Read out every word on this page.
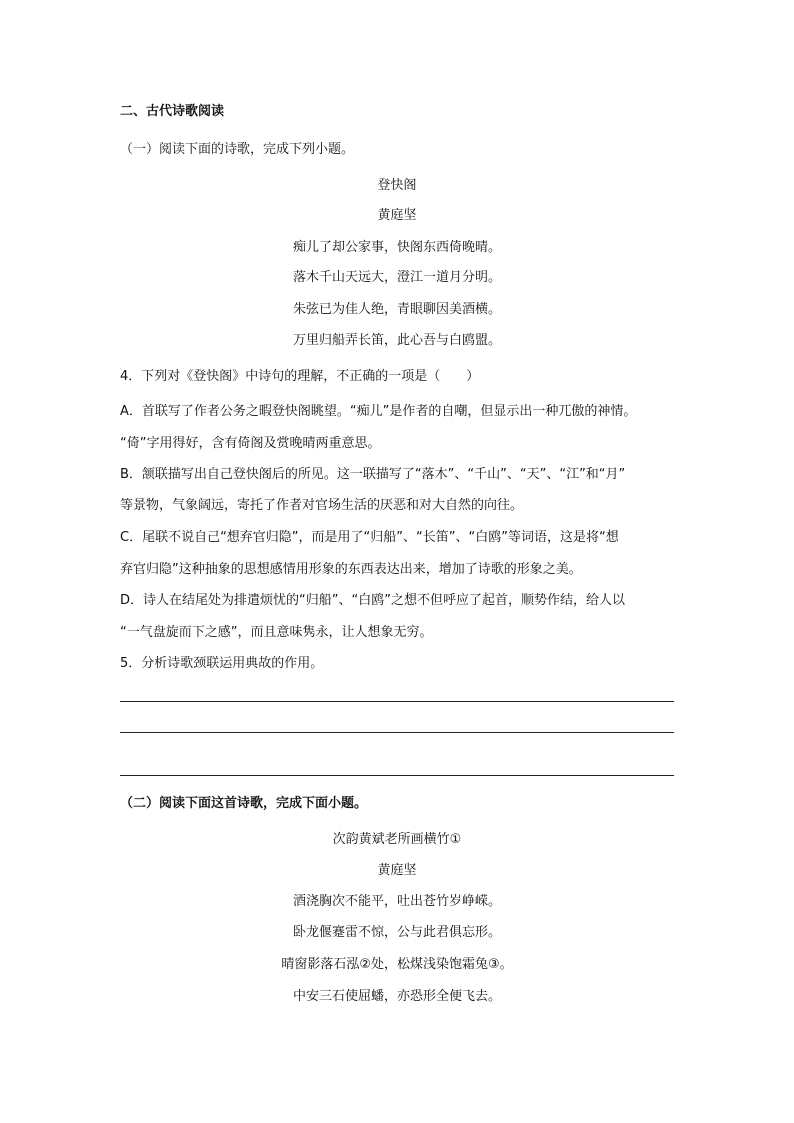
二、古代诗歌阅读
（一）阅读下面的诗歌，完成下列小题。
登快阁
黄庭坚
痴儿了却公家事，快阁东西倚晚晴。
落木千山天远大，澄江一道月分明。
朱弦已为佳人绝，青眼聊因美酒横。
万里归船弄长笛，此心吾与白鸥盟。
4．下列对《登快阁》中诗句的理解，不正确的一项是（　　）
A．首联写了作者公务之暇登快阁眺望。“痴儿”是作者的自嘲，但显示出一种兀傲的神情。
“倚”字用得好，含有倚阁及赏晚晴两重意思。
B．颔联描写出自己登快阁后的所见。这一联描写了“落木”、“千山”、“天”、“江”和“月”
等景物，气象阔远，寄托了作者对官场生活的厌恶和对大自然的向往。
C．尾联不说自己“想弃官归隐”，而是用了“归船”、“长笛”、“白鸥”等词语，这是将“想
弃官归隐”这种抽象的思想感情用形象的东西表达出来，增加了诗歌的形象之美。
D．诗人在结尾处为排遣烦忧的“归船”、“白鸥”之想不但呼应了起首，顺势作结，给人以
“一气盘旋而下之感”，而且意味隽永，让人想象无穷。
5．分析诗歌颈联运用典故的作用。
（二）阅读下面这首诗歌，完成下面小题。
次韵黄斌老所画横竹①
黄庭坚
酒浇胸次不能平，吐出苍竹岁峥嵘。
卧龙偃蹇雷不惊，公与此君俱忘形。
晴窗影落石泓②处，松煤浅染饱霜兔③。
中安三石使屈蟠，亦恐形全便飞去。
